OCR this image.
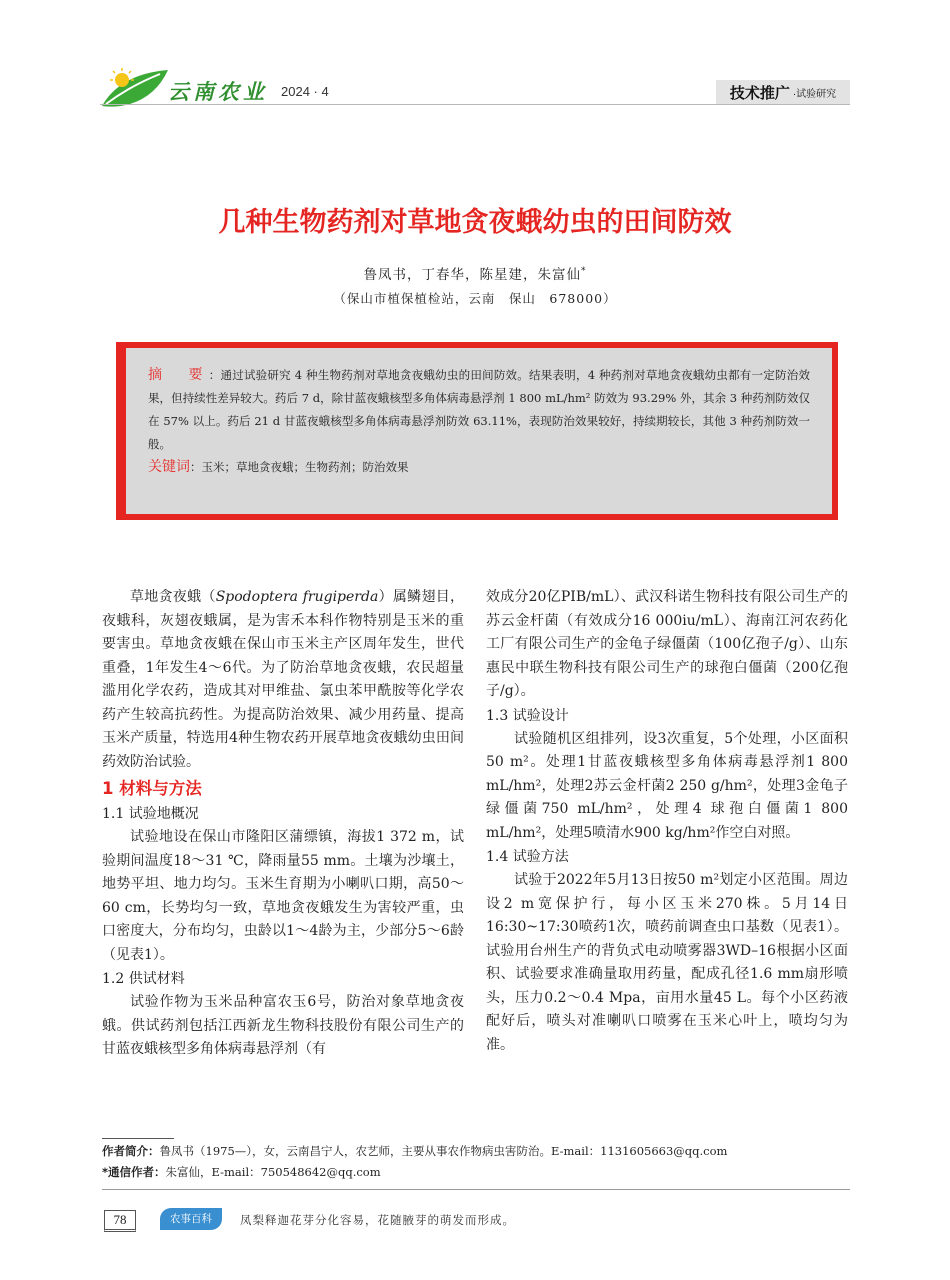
云南农业 2024 · 4	技术推广 ·试验研究
几种生物药剂对草地贪夜蛾幼虫的田间防效
鲁凤书，丁春华，陈星建，朱富仙*
（保山市植保植检站，云南　保山　678000）

摘　要：通过试验研究 4 种生物药剂对草地贪夜蛾幼虫的田间防效。结果表明，4 种药剂对草地贪夜蛾幼虫都有一定防治效果，但持续性差异较大。药后 7 d，除甘蓝夜蛾核型多角体病毒悬浮剂 1 800 mL/hm² 防效为 93.29% 外，其余 3 种药剂防效仅在 57% 以上。药后 21 d 甘蓝夜蛾核型多角体病毒悬浮剂防效 63.11%，表现防治效果较好，持续期较长，其他 3 种药剂防效一般。

关键词：玉米；草地贪夜蛾；生物药剂；防治效果

草地贪夜蛾（Spodoptera frugiperda）属鳞翅目，夜蛾科，灰翅夜蛾属，是为害禾本科作物特别是玉米的重要害虫。草地贪夜蛾在保山市玉米主产区周年发生，世代重叠，1年发生4～6代。为了防治草地贪夜蛾，农民超量滥用化学农药，造成其对甲维盐、氯虫苯甲酰胺等化学农药产生较高抗药性。为提高防治效果、减少用药量、提高玉米产质量，特选用4种生物农药开展草地贪夜蛾幼虫田间药效防治试验。

1 材料与方法
1.1 试验地概况

试验地设在保山市隆阳区蒲缥镇，海拔1 372 m，试验期间温度18～31 ℃，降雨量55 mm。土壤为沙壤土，地势平坦、地力均匀。玉米生育期为小喇叭口期，高50～60 cm，长势均匀一致，草地贪夜蛾发生为害较严重，虫口密度大，分布均匀，虫龄以1～4龄为主，少部分5～6龄（见表1）。

1.2 供试材料

试验作物为玉米品种富农玉6号，防治对象草地贪夜蛾。供试药剂包括江西新龙生物科技股份有限公司生产的甘蓝夜蛾核型多角体病毒悬浮剂（有

效成分20亿PIB/mL）、武汉科诺生物科技有限公司生产的苏云金杆菌（有效成分16 000iu/mL）、海南江河农药化工厂有限公司生产的金龟子绿僵菌（100亿孢子/g）、山东惠民中联生物科技有限公司生产的球孢白僵菌（200亿孢子/g）。

1.3 试验设计

试验随机区组排列，设3次重复，5个处理，小区面积50 m²。处理1甘蓝夜蛾核型多角体病毒悬浮剂1 800 mL/hm²，处理2苏云金杆菌2 250 g/hm²，处理3金龟子绿僵菌750 mL/hm²，处理4 球孢白僵菌1 800 mL/hm²，处理5喷清水900 kg/hm²作空白对照。

1.4 试验方法

试验于2022年5月13日按50 m²划定小区范围。周边设2 m宽保护行，每小区玉米270株。5月14日16:30~17:30喷药1次，喷药前调查虫口基数（见表1）。试验用台州生产的背负式电动喷雾器3WD–16根据小区面积、试验要求准确量取用药量，配成孔径1.6 mm扇形喷头，压力0.2～0.4 Mpa，亩用水量45 L。每个小区药液配好后，喷头对准喇叭口喷雾在玉米心叶上，喷均匀为准。

作者简介：鲁凤书（1975—），女，云南昌宁人，农艺师，主要从事农作物病虫害防治。E-mail：1131605663@qq.com
*通信作者：朱富仙，E-mail：750548642@qq.com
78	农事百科	凤梨释迦花芽分化容易，花随腋芽的萌发而形成。
